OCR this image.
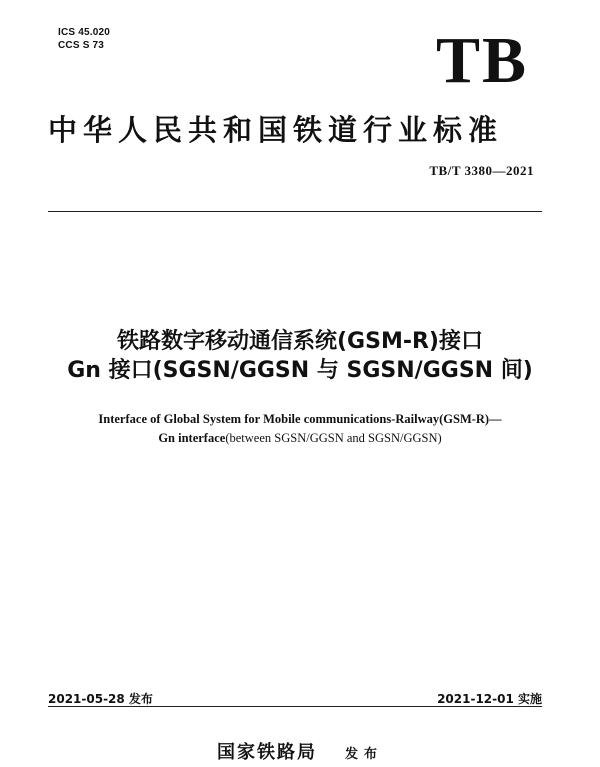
ICS 45.020
CCS S 73	TB
中华人民共和国铁道行业标准
TB/T 3380—2021
铁路数字移动通信系统(GSM-R)接口
Gn 接口(SGSN/GGSN 与 SGSN/GGSN 间)
Interface of Global System for Mobile communications-Railway(GSM-R)—
Gn interface(between SGSN/GGSN and SGSN/GGSN)
2021-05-28 发布	2021-12-01 实施
国家铁路局 发布
